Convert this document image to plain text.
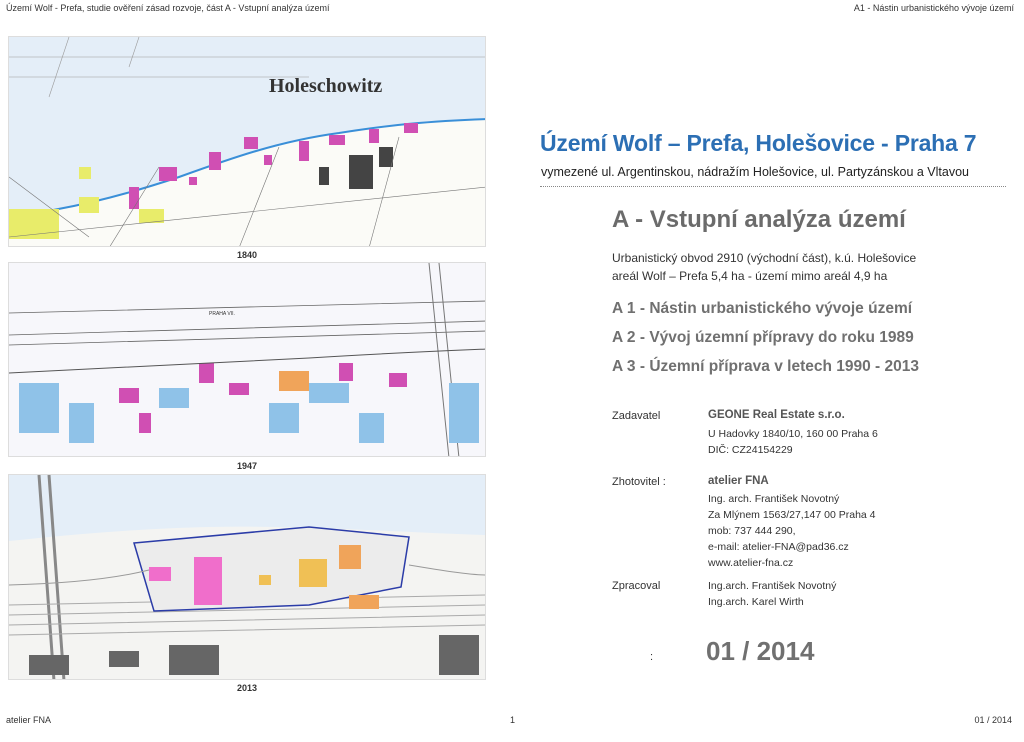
Území Wolf - Prefa, studie ověření zásad rozvoje, část A - Vstupní analýza území	A1 - Nástin urbanistického vývoje území
Holeschowitz
1840
PRAHA VII.
1947
2013
Území Wolf – Prefa, Holešovice - Praha 7
vymezené ul. Argentinskou, nádražím Holešovice, ul. Partyzánskou a Vltavou
A - Vstupní analýza území
Urbanistický obvod 2910 (východní část), k.ú. Holešovice
areál Wolf – Prefa 5,4 ha - území mimo areál 4,9 ha
A 1 - Nástin urbanistického vývoje území
A 2 - Vývoj územní přípravy do roku 1989
A 3 - Územní příprava v letech 1990 - 2013
Zadavatel	GEONE Real Estate s.r.o.
U Hadovky 1840/10, 160 00 Praha 6
DIČ: CZ24154229
Zhotovitel :	atelier FNA
Ing. arch. František Novotný
Za Mlýnem 1563/27,147 00 Praha 4
mob: 737 444 290,
e-mail: atelier-FNA@pad36.cz
www.atelier-fna.cz
Zpracoval	Ing.arch. František Novotný
Ing.arch. Karel Wirth
: 01 / 2014
atelier FNA	1	01 / 2014
